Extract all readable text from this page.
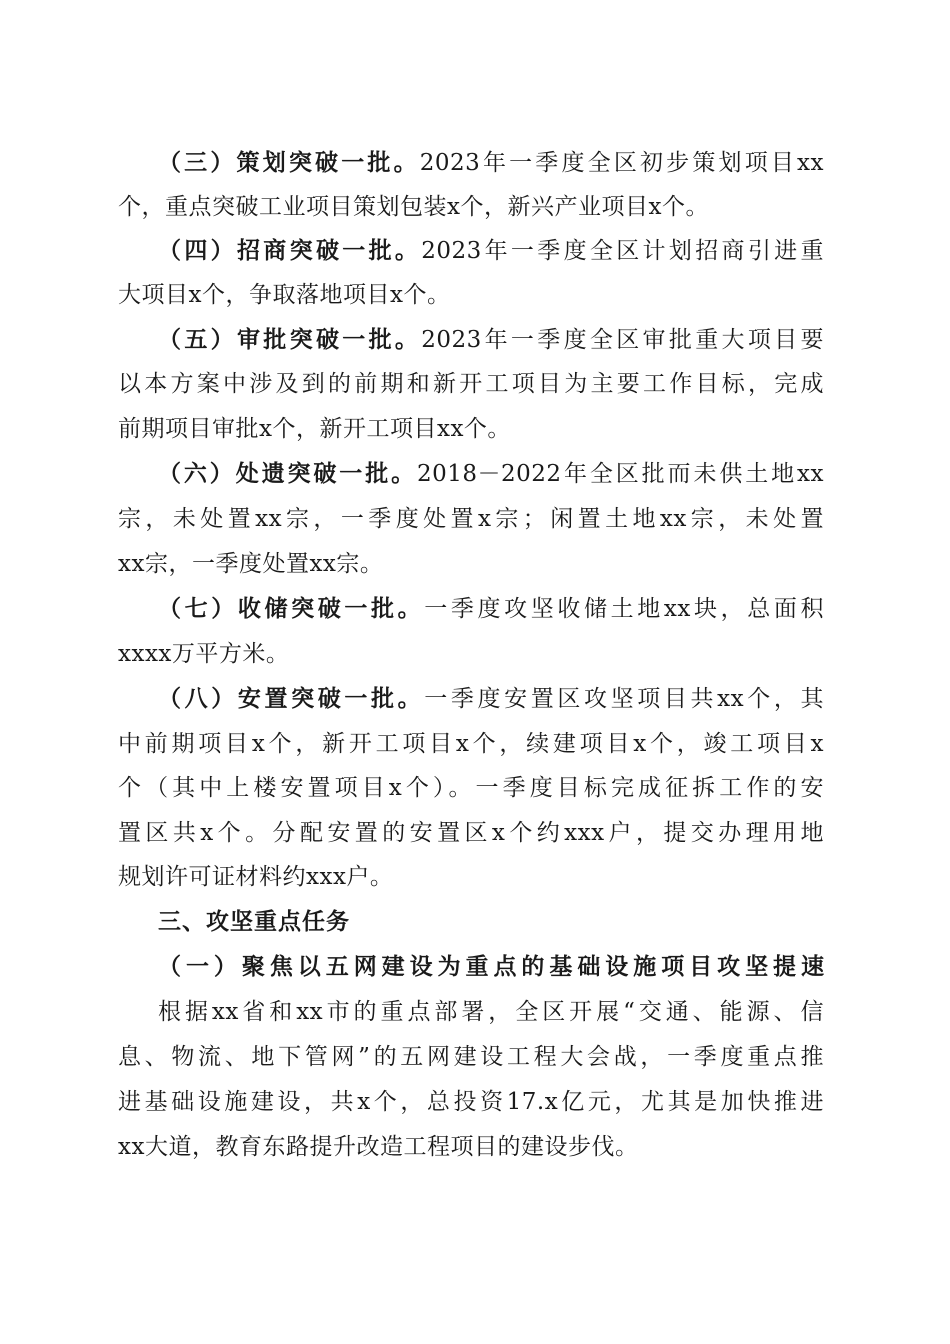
（三）策划突破一批。2023年一季度全区初步策划项目xx
个，重点突破工业项目策划包装x个，新兴产业项目x个。
（四）招商突破一批。2023年一季度全区计划招商引进重
大项目x个，争取落地项目x个。
（五）审批突破一批。2023年一季度全区审批重大项目要
以本方案中涉及到的前期和新开工项目为主要工作目标，完成
前期项目审批x个，新开工项目xx个。
（六）处遗突破一批。2018－2022年全区批而未供土地xx
宗，未处置xx宗，一季度处置x宗；闲置土地xx宗，未处置
xx宗，一季度处置xx宗。
（七）收储突破一批。一季度攻坚收储土地xx块，总面积
xxxx万平方米。
（八）安置突破一批。一季度安置区攻坚项目共xx个，其
中前期项目x个，新开工项目x个，续建项目x个，竣工项目x
个（其中上楼安置项目x个）。一季度目标完成征拆工作的安
置区共x个。分配安置的安置区x个约xxx户，提交办理用地
规划许可证材料约xxx户。
三、攻坚重点任务
（一）聚焦以五网建设为重点的基础设施项目攻坚提速
根据xx省和xx市的重点部署，全区开展“交通、能源、信
息、物流、地下管网”的五网建设工程大会战，一季度重点推
进基础设施建设，共x个，总投资17.x亿元，尤其是加快推进
xx大道，教育东路提升改造工程项目的建设步伐。
